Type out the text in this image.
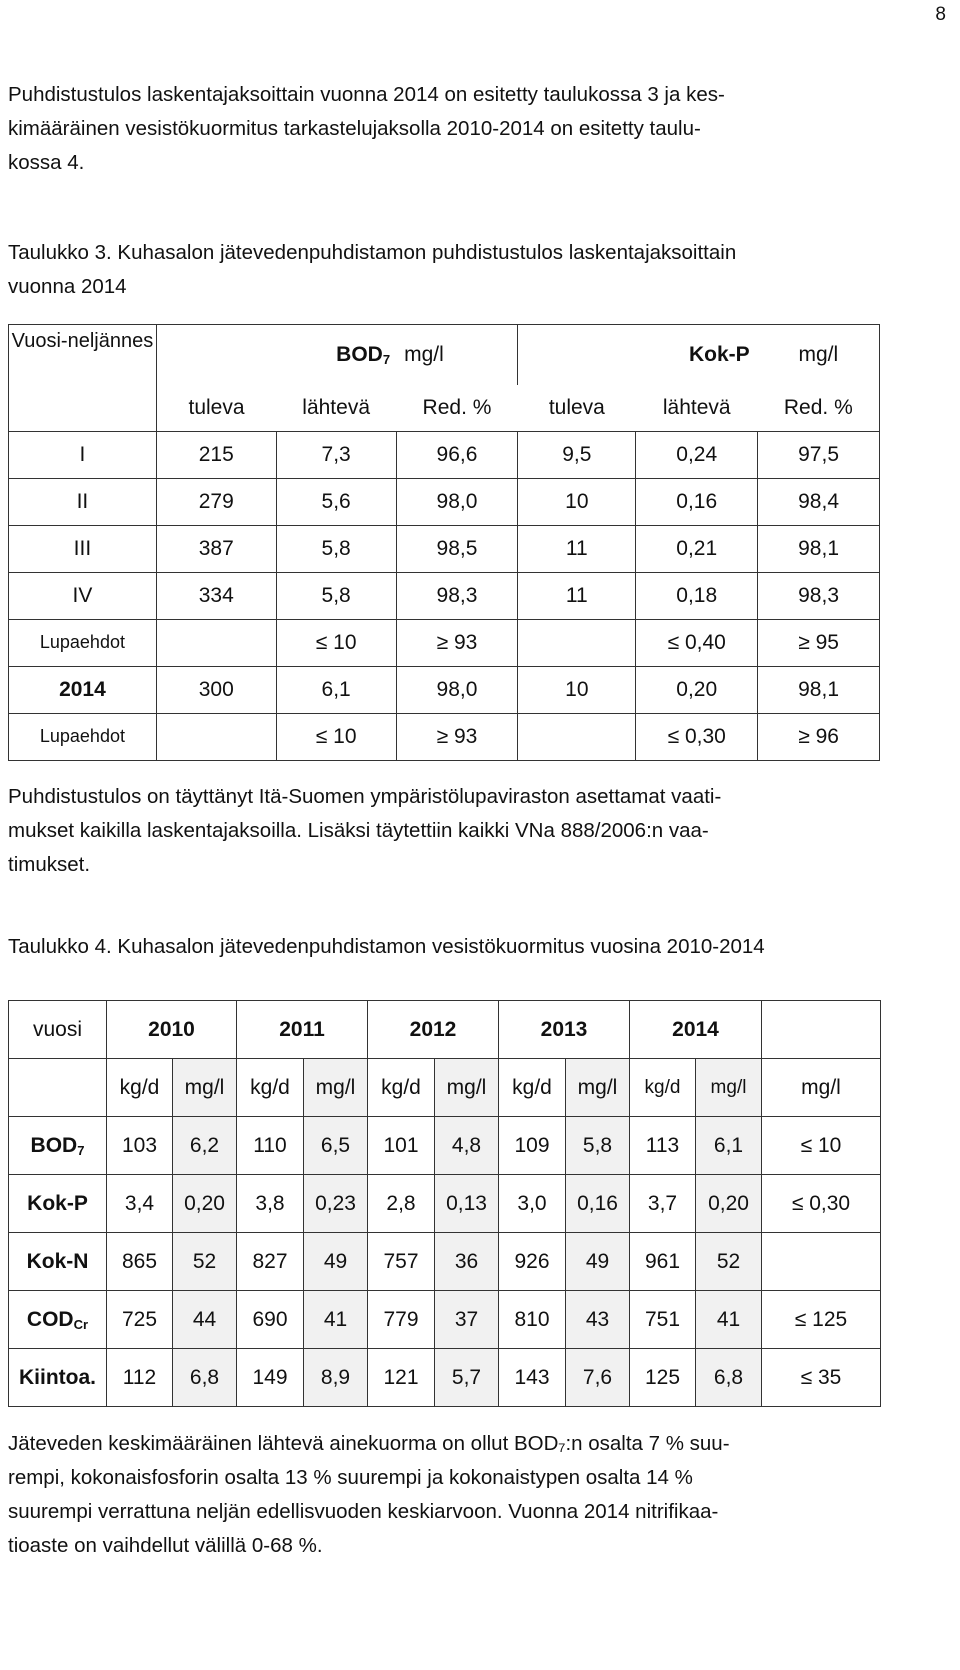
8
Puhdistustulos laskentajaksoittain vuonna 2014 on esitetty taulukossa 3 ja kes-
kimääräinen vesistökuormitus tarkastelujaksolla 2010-2014 on esitetty taulu-
kossa 4.
Taulukko 3. Kuhasalon jätevedenpuhdistamon puhdistustulos laskentajaksoittain
vuonna 2014
Vuosi-neljännes	$BOD_7$		mg/l	Kok-P		mg/l
	tuleva	lähtevä	Red. %	tuleva	lähtevä	Red. %
I	215	7,3	96,6	9,5	0,24	97,5
II	279	5,6	98,0	10	0,16	98,4
III	387	5,8	98,5	11	0,21	98,1
IV	334	5,8	98,3	11	0,18	98,3
Lupaehdot		≤ 10	≥ 93		≤ 0,40	≥ 95
2014	300	6,1	98,0	10	0,20	98,1
Lupaehdot		≤ 10	≥ 93		≤ 0,30	≥ 96
Puhdistustulos on täyttänyt Itä-Suomen ympäristölupaviraston asettamat vaati-
mukset kaikilla laskentajaksoilla. Lisäksi täytettiin kaikki VNa 888/2006:n vaa-
timukset.
Taulukko 4. Kuhasalon jätevedenpuhdistamon vesistökuormitus vuosina 2010-2014
vuosi	2010		2011		2012		2013		2014		
	kg/d	mg/l	kg/d	mg/l	kg/d	mg/l	kg/d	mg/l	kg/d	mg/l	mg/l
$BOD_7$	103	6,2	110	6,5	101	4,8	109	5,8	113	6,1	≤ 10
Kok-P	3,4	0,20	3,8	0,23	2,8	0,13	3,0	0,16	3,7	0,20	≤ 0,30
Kok-N	865	52	827	49	757	36	926	49	961	52	
$COD_{Cr}$	725	44	690	41	779	37	810	43	751	41	≤ 125
Kiintoa.	112	6,8	149	8,9	121	5,7	143	7,6	125	6,8	≤ 35
Jäteveden keskimääräinen lähtevä ainekuorma on ollut BOD₇:n osalta 7 % suu-
rempi, kokonaisfosforin osalta 13 % suurempi ja kokonaistypen osalta 14 %
suurempi verrattuna neljän edellisvuoden keskiarvoon. Vuonna 2014 nitrifikaa-
tioaste on vaihdellut välillä 0-68 %.
